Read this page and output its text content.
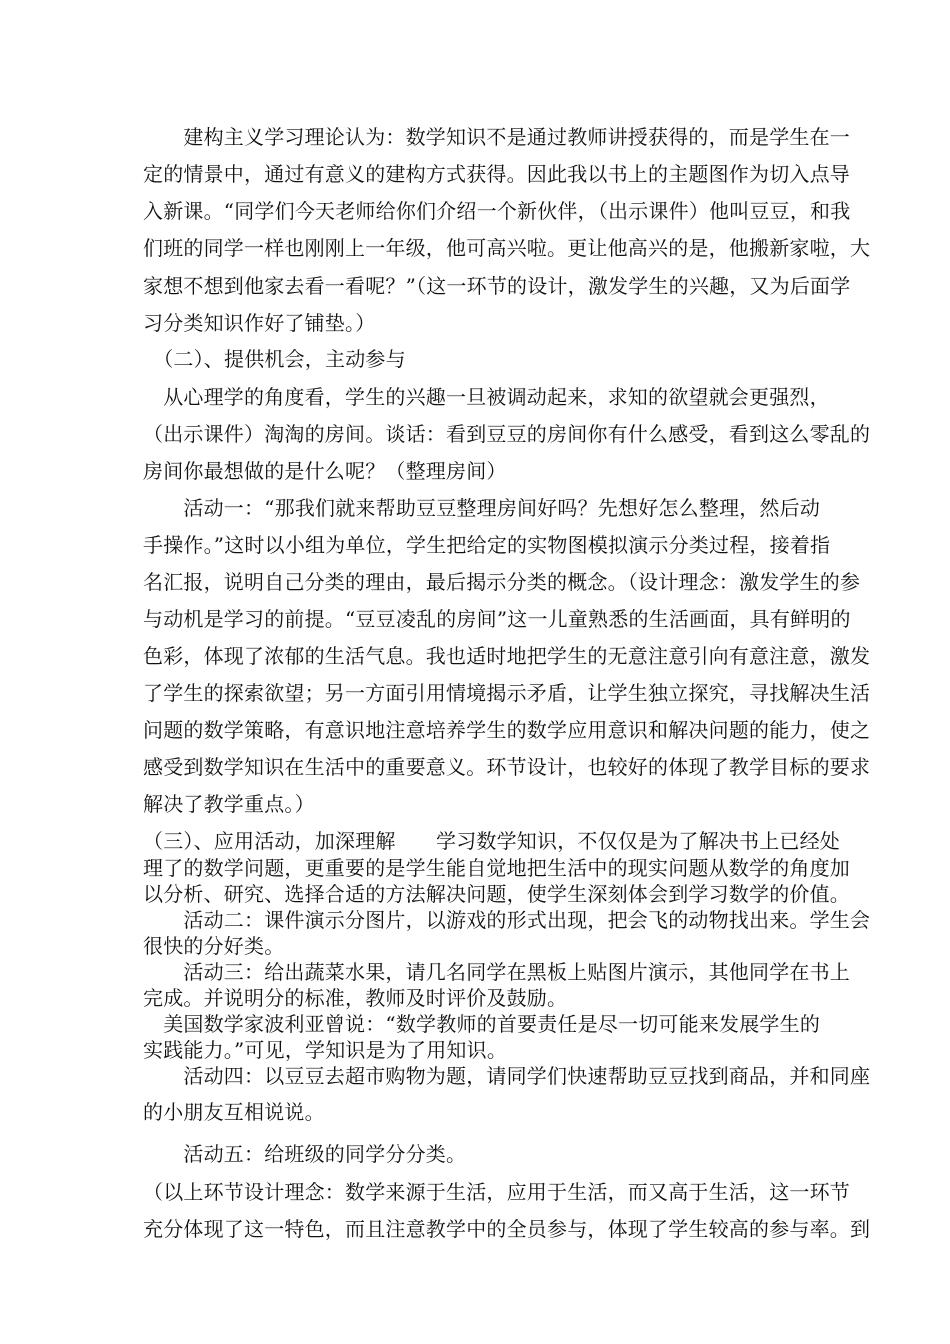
　　建构主义学习理论认为：数学知识不是通过教师讲授获得的，而是学生在一
定的情景中，通过有意义的建构方式获得。因此我以书上的主题图作为切入点导
入新课。“同学们今天老师给你们介绍一个新伙伴，（出示课件）他叫豆豆，和我
们班的同学一样也刚刚上一年级，他可高兴啦。更让他高兴的是，他搬新家啦，大
家想不想到他家去看一看呢？”（这一环节的设计，激发学生的兴趣，又为后面学
习分类知识作好了铺垫。）
　（二）、提供机会，主动参与
　从心理学的角度看，学生的兴趣一旦被调动起来，求知的欲望就会更强烈，
（出示课件）淘淘的房间。谈话：看到豆豆的房间你有什么感受，看到这么零乱的
房间你最想做的是什么呢？（整理房间）
　　活动一：“那我们就来帮助豆豆整理房间好吗？先想好怎么整理，然后动
手操作。”这时以小组为单位，学生把给定的实物图模拟演示分类过程，接着指
名汇报，说明自己分类的理由，最后揭示分类的概念。（设计理念：激发学生的参
与动机是学习的前提。“豆豆凌乱的房间”这一儿童熟悉的生活画面，具有鲜明的
色彩，体现了浓郁的生活气息。我也适时地把学生的无意注意引向有意注意，激发
了学生的探索欲望；另一方面引用情境揭示矛盾，让学生独立探究，寻找解决生活
问题的数学策略，有意识地注意培养学生的数学应用意识和解决问题的能力，使之
感受到数学知识在生活中的重要意义。环节设计，也较好的体现了教学目标的要求
解决了教学重点。）
（三）、应用活动，加深理解　　学习数学知识，不仅仅是为了解决书上已经处
理了的数学问题，更重要的是学生能自觉地把生活中的现实问题从数学的角度加
以分析、研究、选择合适的方法解决问题，使学生深刻体会到学习数学的价值。
　　活动二：课件演示分图片，以游戏的形式出现，把会飞的动物找出来。学生会
很快的分好类。
　　活动三：给出蔬菜水果，请几名同学在黑板上贴图片演示，其他同学在书上
完成。并说明分的标准，教师及时评价及鼓励。
　美国数学家波利亚曾说：“数学教师的首要责任是尽一切可能来发展学生的
实践能力。”可见，学知识是为了用知识。
　　活动四：以豆豆去超市购物为题，请同学们快速帮助豆豆找到商品，并和同座
的小朋友互相说说。
　　活动五：给班级的同学分分类。
（以上环节设计理念：数学来源于生活，应用于生活，而又高于生活，这一环节
充分体现了这一特色，而且注意教学中的全员参与，体现了学生较高的参与率。到
